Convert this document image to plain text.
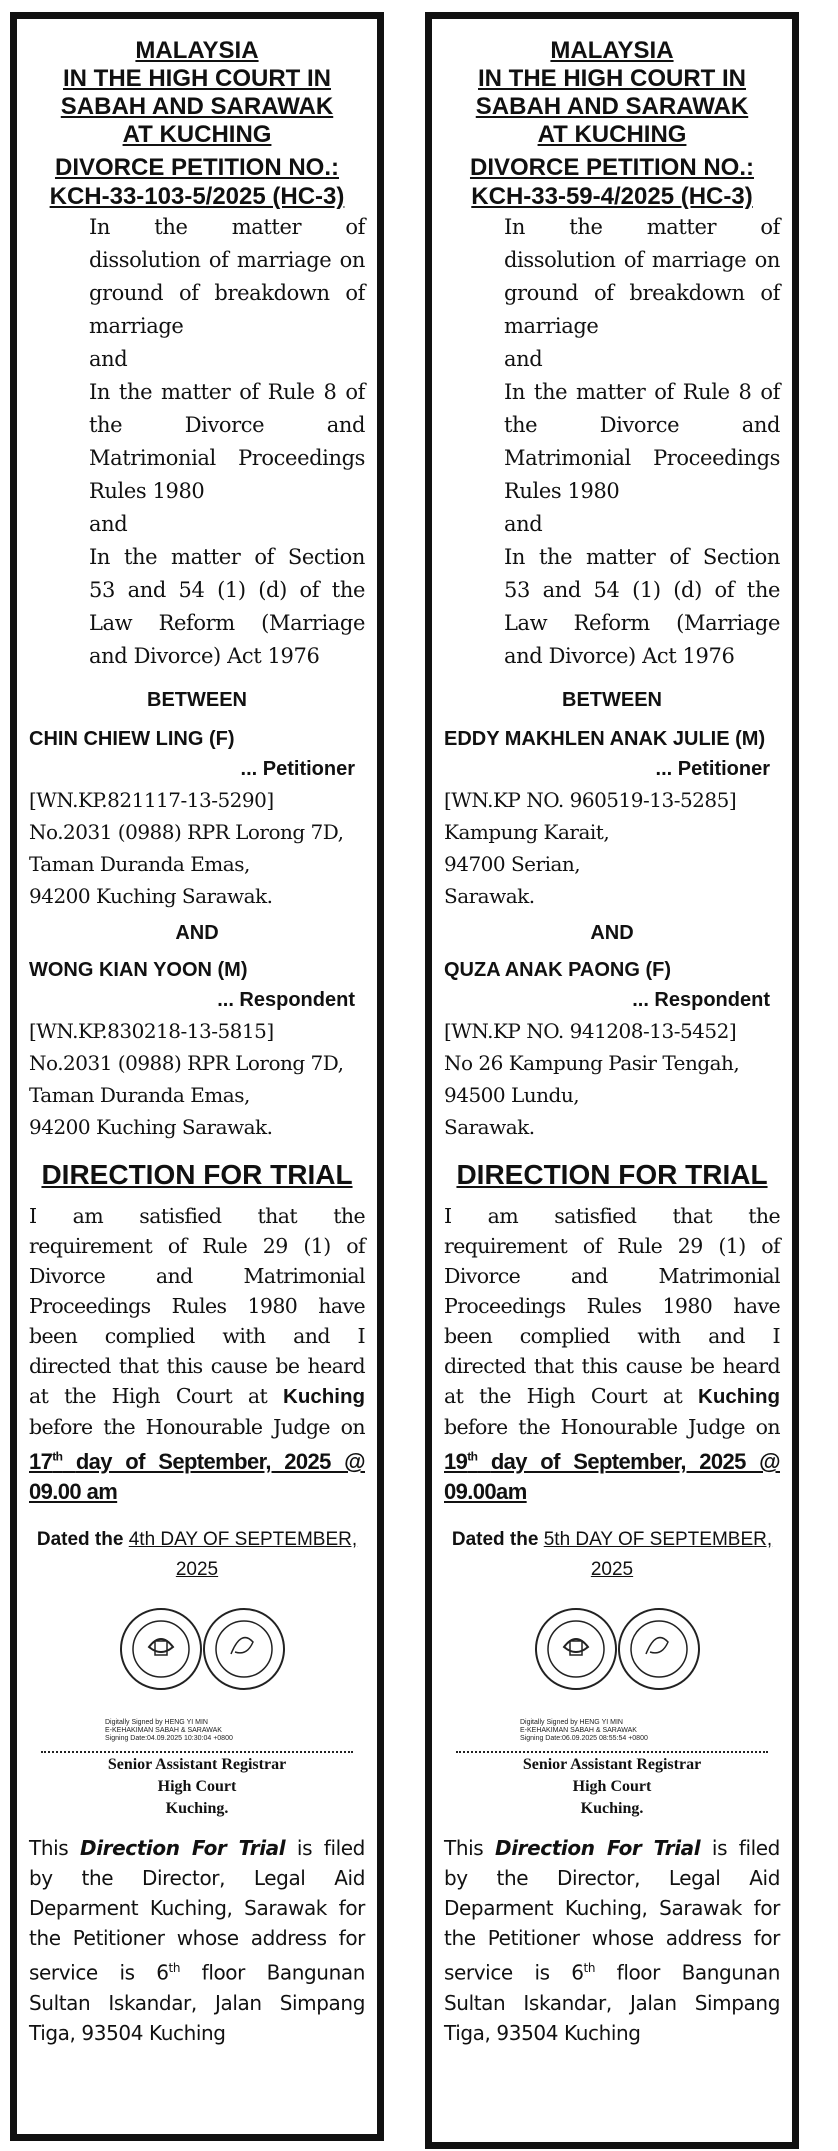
MALAYSIA
IN THE HIGH COURT IN
SABAH AND SARAWAK
AT KUCHING
DIVORCE PETITION NO.:
KCH-33-103-5/2025 (HC-3)

In the matter of dissolution of marriage on ground of breakdown of marriage

and

In the matter of Rule 8 of the Divorce and Matrimonial Proceedings Rules 1980

and

In the matter of Section 53 and 54 (1) (d) of the Law Reform (Marriage and Divorce) Act 1976

BETWEEN
CHIN CHIEW LING (F)
... Petitioner
[WN.KP.821117-13-5290]
No.2031 (0988) RPR Lorong 7D,
Taman Duranda Emas,
94200 Kuching Sarawak.
AND
WONG KIAN YOON (M)
... Respondent
[WN.KP.830218-13-5815]
No.2031 (0988) RPR Lorong 7D,
Taman Duranda Emas,
94200 Kuching Sarawak.
DIRECTION FOR TRIAL
I am satisfied that the requirement of Rule 29 (1) of Divorce and Matrimonial Proceedings Rules 1980 have been complied with and I directed that this cause be heard at the High Court at Kuching before the Honourable Judge on 17th day of September, 2025 @ 09.00 am
Dated the 4th DAY OF SEPTEMBER, 2025
Digitally Signed by HENG YI MIN
E-KEHAKIMAN SABAH & SARAWAK
Signing Date:04.09.2025 10:30:04 +0800
Senior Assistant Registrar
High Court
Kuching.
This Direction For Trial is filed by the Director, Legal Aid Deparment Kuching, Sarawak for the Petitioner whose address for service is 6th floor Bangunan Sultan Iskandar, Jalan Simpang Tiga, 93504 Kuching
MALAYSIA
IN THE HIGH COURT IN
SABAH AND SARAWAK
AT KUCHING
DIVORCE PETITION NO.:
KCH-33-59-4/2025 (HC-3)

In the matter of dissolution of marriage on ground of breakdown of marriage

and

In the matter of Rule 8 of the Divorce and Matrimonial Proceedings Rules 1980

and

In the matter of Section 53 and 54 (1) (d) of the Law Reform (Marriage and Divorce) Act 1976

BETWEEN
EDDY MAKHLEN ANAK JULIE (M)
... Petitioner
[WN.KP NO. 960519-13-5285]
Kampung Karait,
94700 Serian,
Sarawak.
AND
QUZA ANAK PAONG (F)
... Respondent
[WN.KP NO. 941208-13-5452]
No 26 Kampung Pasir Tengah,
94500 Lundu,
Sarawak.
DIRECTION FOR TRIAL
I am satisfied that the requirement of Rule 29 (1) of Divorce and Matrimonial Proceedings Rules 1980 have been complied with and I directed that this cause be heard at the High Court at Kuching before the Honourable Judge on 19th day of September, 2025 @ 09.00am
Dated the 5th DAY OF SEPTEMBER, 2025
Digitally Signed by HENG YI MIN
E-KEHAKIMAN SABAH & SARAWAK
Signing Date:06.09.2025 08:55:54 +0800
Senior Assistant Registrar
High Court
Kuching.
This Direction For Trial is filed by the Director, Legal Aid Deparment Kuching, Sarawak for the Petitioner whose address for service is 6th floor Bangunan Sultan Iskandar, Jalan Simpang Tiga, 93504 Kuching
